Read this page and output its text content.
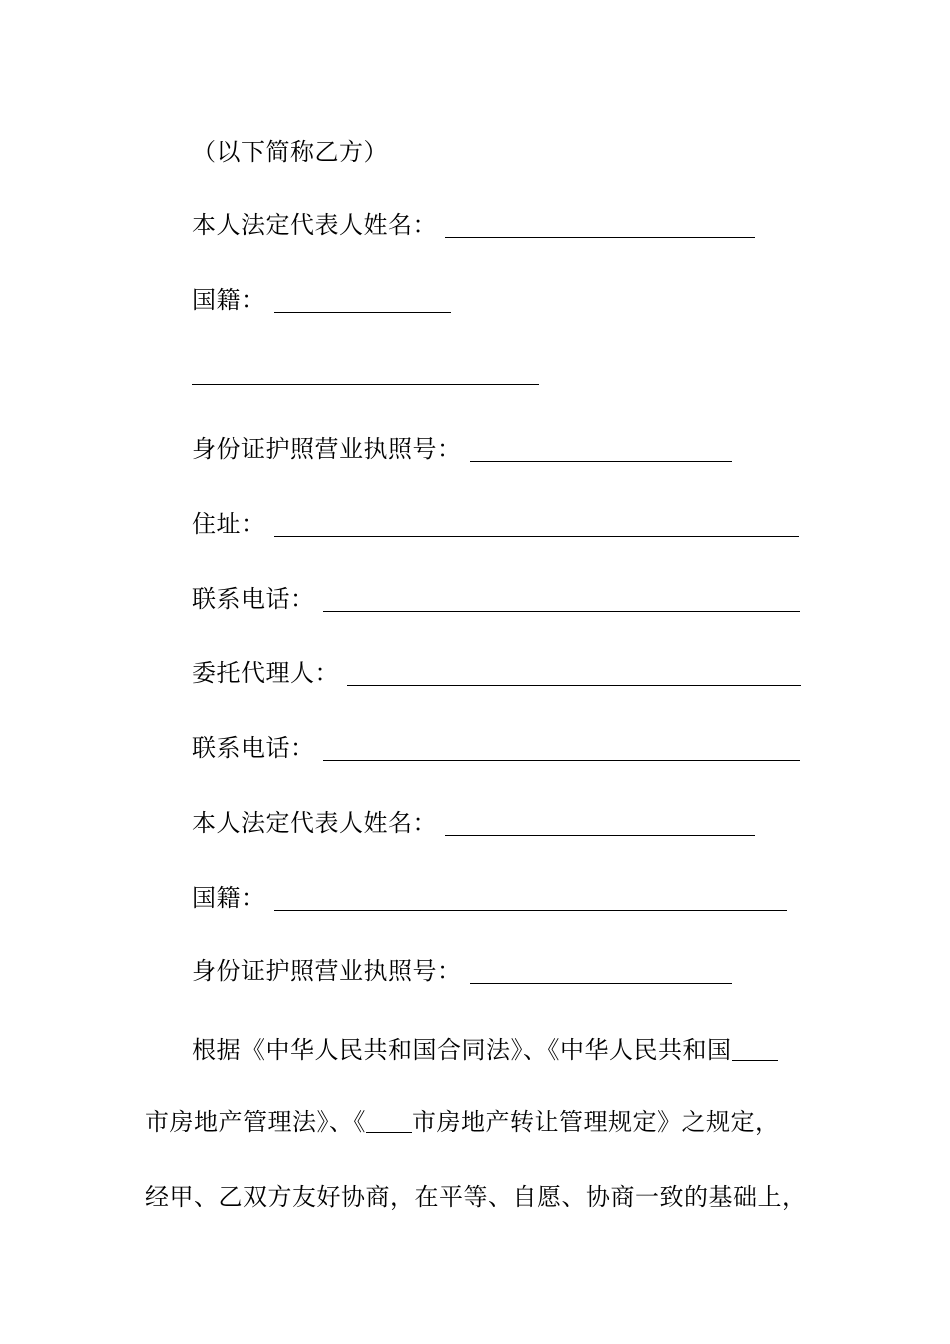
（以下简称乙方）
本人法定代表人姓名：
国籍：
身份证护照营业执照号：
住址：
联系电话：
委托代理人：
联系电话：
本人法定代表人姓名：
国籍：
身份证护照营业执照号：
根据《中华人民共和国合同法》、《中华人民共和国
市房地产管理法》、《 市房地产转让管理规定》之规定，
经甲、乙双方友好协商，在平等、自愿、协商一致的基础上，
